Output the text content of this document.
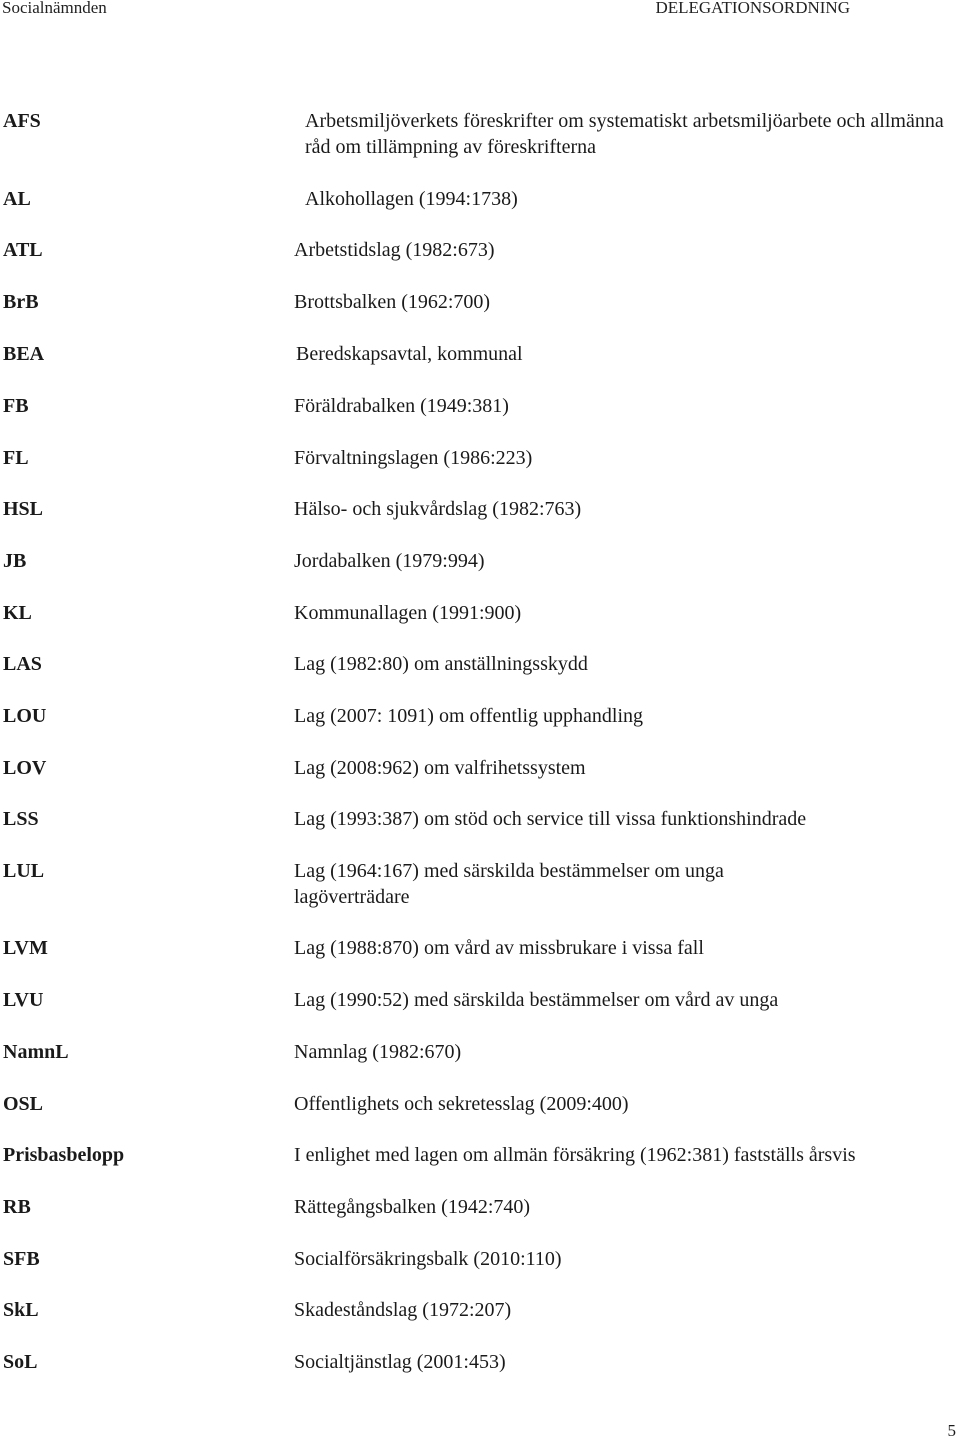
Socialnämnden	DELEGATIONSORDNING
AFS	Arbetsmiljöverkets föreskrifter om systematiskt arbetsmiljöarbete och allmänna råd om tillämpning av föreskrifterna
AL	Alkohollagen (1994:1738)
ATL	Arbetstidslag (1982:673)
BrB	Brottsbalken (1962:700)
BEA	Beredskapsavtal, kommunal
FB	Föräldrabalken (1949:381)
FL	Förvaltningslagen (1986:223)
HSL	Hälso- och sjukvårdslag (1982:763)
JB	Jordabalken (1979:994)
KL	Kommunallagen (1991:900)
LAS	Lag (1982:80) om anställningsskydd
LOU	Lag (2007: 1091) om offentlig upphandling
LOV	Lag (2008:962) om valfrihetssystem
LSS	Lag (1993:387) om stöd och service till vissa funktionshindrade
LUL	Lag (1964:167) med särskilda bestämmelser om unga lagöverträdare
LVM	Lag (1988:870) om vård av missbrukare i vissa fall
LVU	Lag (1990:52) med särskilda bestämmelser om vård av unga
NamnL	Namnlag (1982:670)
OSL	Offentlighets och sekretesslag (2009:400)
Prisbasbelopp	I enlighet med lagen om allmän försäkring (1962:381) fastställs årsvis
RB	Rättegångsbalken (1942:740)
SFB	Socialförsäkringsbalk (2010:110)
SkL	Skadeståndslag (1972:207)
SoL	Socialtjänstlag (2001:453)
5
